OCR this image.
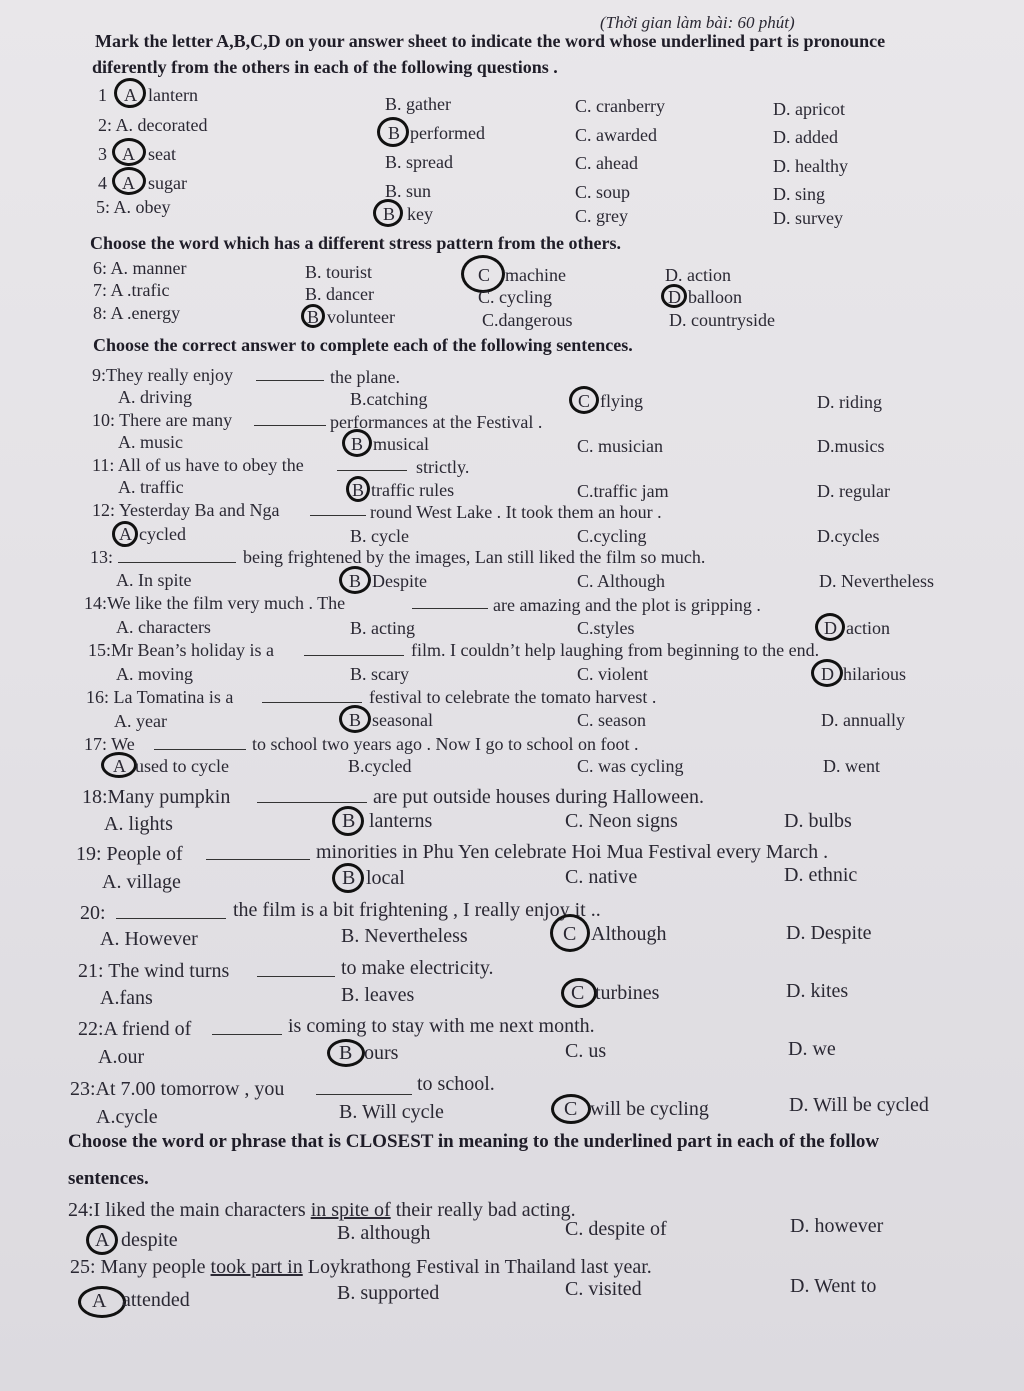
(Thời gian làm bài: 60 phút)
Mark the letter A,B,C,D on your answer sheet to indicate the word whose underlined part is pronounce
diferently from the others in each of the following questions .
1 A lantern	B. gather	C. cranberry	D. apricot
2: A. decorated	B performed	C. awarded	D. added
3 A seat	B. spread	C. ahead	D. healthy
4 A sugar	B. sun	C. soup	D. sing
5: A. obey	B key	C. grey	D. survey
Choose the word which has a different stress pattern from the others.
6: A. manner	B. tourist	C machine	D. action
7: A .trafic	B. dancer	C. cycling	D balloon
8: A .energy	B volunteer	C.dangerous	D. countryside
Choose the correct answer to complete each of the following sentences.
9:They really enjoy	the plane.
A. driving	B.catching	C flying	D. riding
10: There are many	performances at the Festival .
A. music	B musical	C. musician	D.musics
11: All of us have to obey the	strictly.
A. traffic	B traffic rules	C.traffic jam	D. regular
12: Yesterday Ba and Nga	round West Lake . It took them an hour .
A cycled	B. cycle	C.cycling	D.cycles
13:	being frightened by the images, Lan still liked the film so much.
A. In spite	B Despite	C. Although	D. Nevertheless
14:We like the film very much . The	are amazing and the plot is gripping .
A. characters	B. acting	C.styles	D action
15:Mr Bean’s holiday is a	film. I couldn’t help laughing from beginning to the end.
A. moving	B. scary	C. violent	D hilarious
16: La Tomatina is a	festival to celebrate the tomato harvest .
A. year	B seasonal	C. season	D. annually
17: We	to school two years ago . Now I go to school on foot .
A used to cycle	B.cycled	C. was cycling	D. went
18:Many pumpkin	are put outside houses during Halloween.
A. lights	B lanterns	C. Neon signs	D. bulbs
19: People of	minorities in Phu Yen celebrate Hoi Mua Festival every March .
A. village	B local	C. native	D. ethnic
20:	the film is a bit frightening , I really enjoy it ..
A. However	B. Nevertheless	C Although	D. Despite
21: The wind turns	to make electricity.
A.fans	B. leaves	C turbines	D. kites
22:A friend of	is coming to stay with me next month.
A.our	B ours	C. us	D. we
23:At 7.00 tomorrow , you	to school.
A.cycle	B. Will cycle	C will be cycling	D. Will be cycled
Choose the word or phrase that is CLOSEST in meaning to the underlined part in each of the follow
sentences.
24:I liked the main characters in spite of their really bad acting.
A despite	B. although	C. despite of	D. however
25: Many people took part in Loykrathong Festival in Thailand last year.
A attended	B. supported	C. visited	D. Went to
